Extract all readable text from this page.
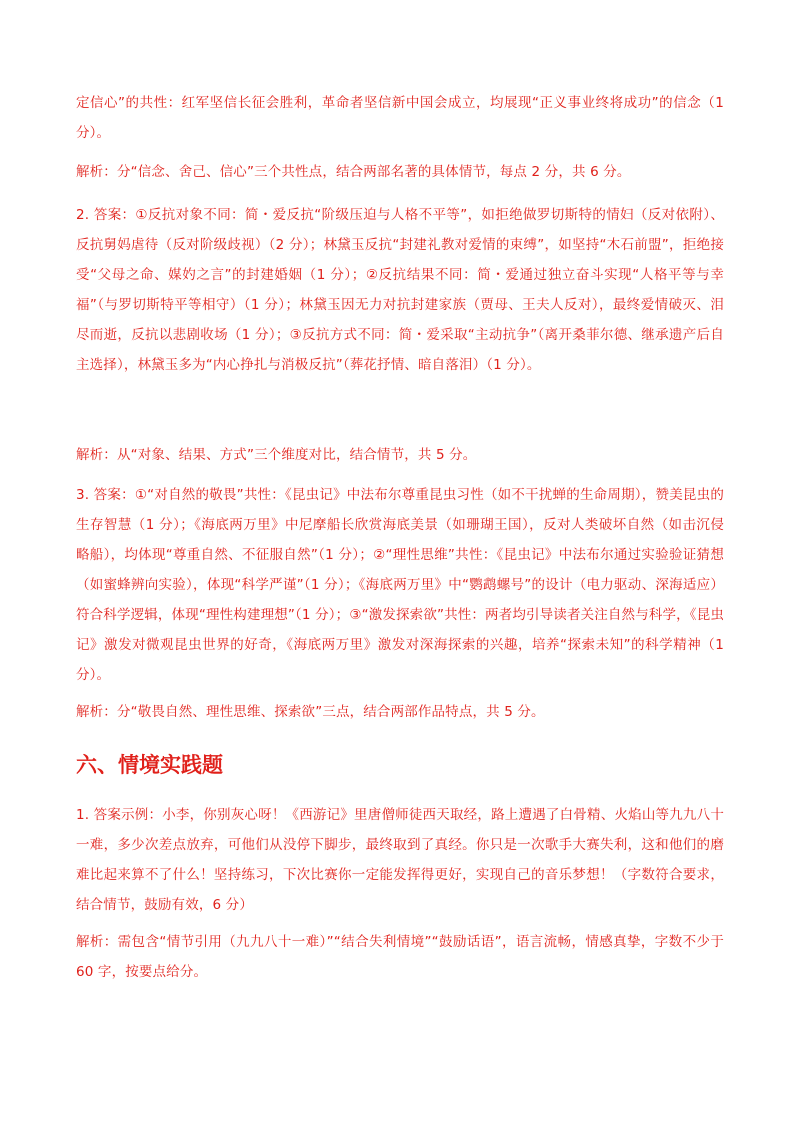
定信心”的共性：红军坚信长征会胜利，革命者坚信新中国会成立，均展现“正义事业终将成功”的信念（1 分）。

解析：分“信念、舍己、信心”三个共性点，结合两部名著的具体情节，每点 2 分，共 6 分。

2. 答案：①反抗对象不同：简・爱反抗“阶级压迫与人格不平等”，如拒绝做罗切斯特的情妇（反对依附）、反抗舅妈虐待（反对阶级歧视）（2 分）；林黛玉反抗“封建礼教对爱情的束缚”，如坚持“木石前盟”，拒绝接受“父母之命、媒妁之言”的封建婚姻（1 分）；②反抗结果不同：简・爱通过独立奋斗实现“人格平等与幸福”（与罗切斯特平等相守）（1 分）；林黛玉因无力对抗封建家族（贾母、王夫人反对），最终爱情破灭、泪尽而逝，反抗以悲剧收场（1 分）；③反抗方式不同：简・爱采取“主动抗争”（离开桑菲尔德、继承遗产后自主选择），林黛玉多为“内心挣扎与消极反抗”（葬花抒情、暗自落泪）（1 分）。

解析：从“对象、结果、方式”三个维度对比，结合情节，共 5 分。

3. 答案：①“对自然的敬畏”共性：《昆虫记》中法布尔尊重昆虫习性（如不干扰蝉的生命周期），赞美昆虫的生存智慧（1 分）；《海底两万里》中尼摩船长欣赏海底美景（如珊瑚王国），反对人类破坏自然（如击沉侵略船），均体现“尊重自然、不征服自然”（1 分）；②“理性思维”共性：《昆虫记》中法布尔通过实验验证猜想（如蜜蜂辨向实验），体现“科学严谨”（1 分）；《海底两万里》中“鹦鹉螺号”的设计（电力驱动、深海适应）符合科学逻辑，体现“理性构建理想”（1 分）；③“激发探索欲”共性：两者均引导读者关注自然与科学，《昆虫记》激发对微观昆虫世界的好奇，《海底两万里》激发对深海探索的兴趣，培养“探索未知”的科学精神（1 分）。

解析：分“敬畏自然、理性思维、探索欲”三点，结合两部作品特点，共 5 分。

六、情境实践题

1. 答案示例：小李，你别灰心呀！《西游记》里唐僧师徒西天取经，路上遭遇了白骨精、火焰山等九九八十一难，多少次差点放弃，可他们从没停下脚步，最终取到了真经。你只是一次歌手大赛失利，这和他们的磨难比起来算不了什么！坚持练习，下次比赛你一定能发挥得更好，实现自己的音乐梦想！（字数符合要求，结合情节，鼓励有效，6 分）

解析：需包含“情节引用（九九八十一难）”“结合失利情境”“鼓励话语”，语言流畅，情感真挚，字数不少于 60 字，按要点给分。
